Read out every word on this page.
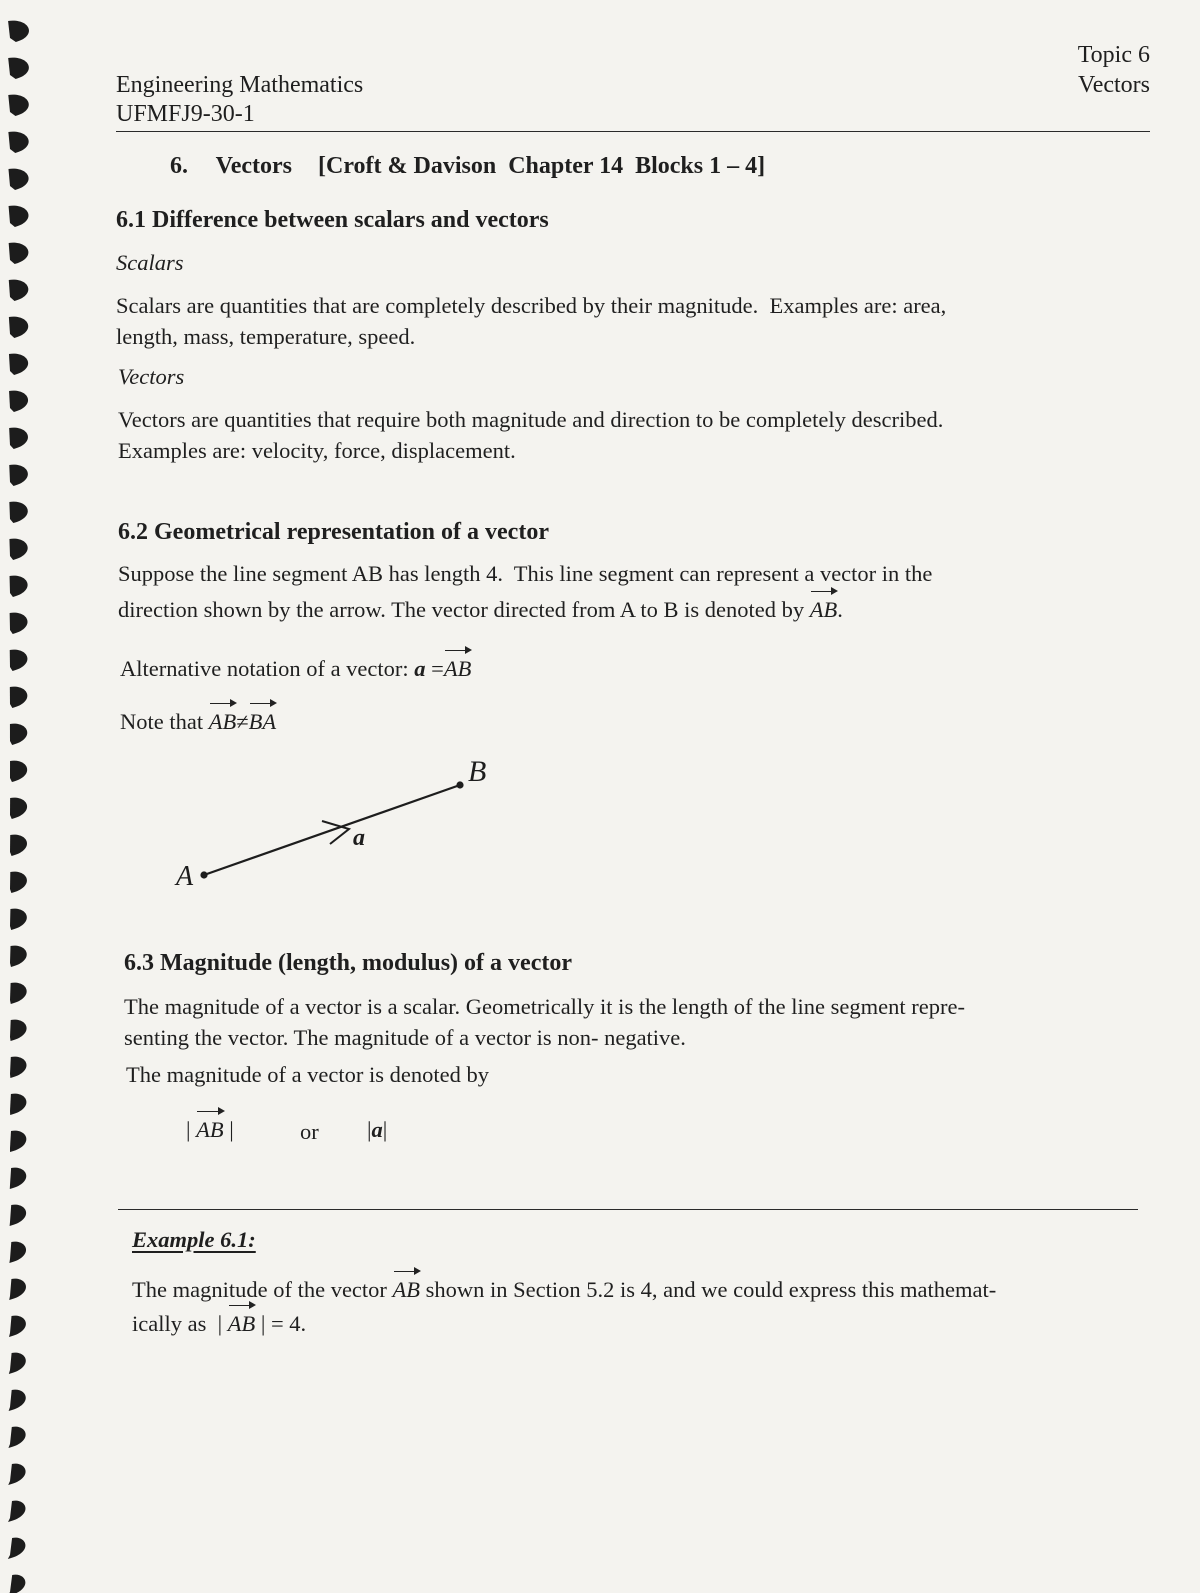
Engineering Mathematics
UFMFJ9-30-1
Topic 6
Vectors
6. Vectors [Croft & Davison  Chapter 14  Blocks 1 – 4]
6.1 Difference between scalars and vectors
Scalars
Scalars are quantities that are completely described by their magnitude.  Examples are: area,
length, mass, temperature, speed.
Vectors
Vectors are quantities that require both magnitude and direction to be completely described.
Examples are: velocity, force, displacement.
6.2 Geometrical representation of a vector
Suppose the line segment AB has length 4.  This line segment can represent a vector in the
direction shown by the arrow. The vector directed from A to B is denoted by AB.
Alternative notation of a vector: a =AB
Note that AB≠BA
A
B
a
6.3 Magnitude (length, modulus) of a vector
The magnitude of a vector is a scalar. Geometrically it is the length of the line segment repre-
senting the vector. The magnitude of a vector is non- negative.
The magnitude of a vector is denoted by
| AB |	or |a|
Example 6.1:
The magnitude of the vector AB shown in Section 5.2 is 4, and we could express this mathemat-
ically as  | AB | = 4.
